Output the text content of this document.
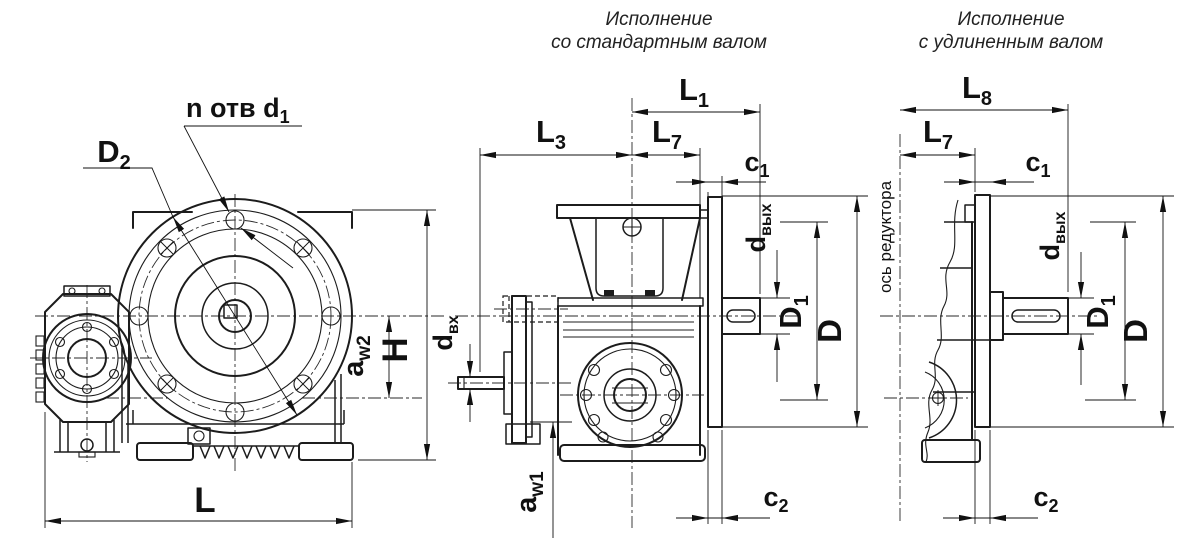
Исполнение
со стандартным валом
Исполнение
с удлиненным валом
$D_2$
n отв $d_1$
$a_{w2}$ H
L
$L_1$
$L_3$	$L_7$
$c_1$
$d_{вых}$
$D_1$
D
$a_{w1}$
$d_{вх}$
$c_2$
ось редуктора
$L_8$
$L_7$
$c_1$
$d_{вых}$
$D_1$
D
$c_2$
